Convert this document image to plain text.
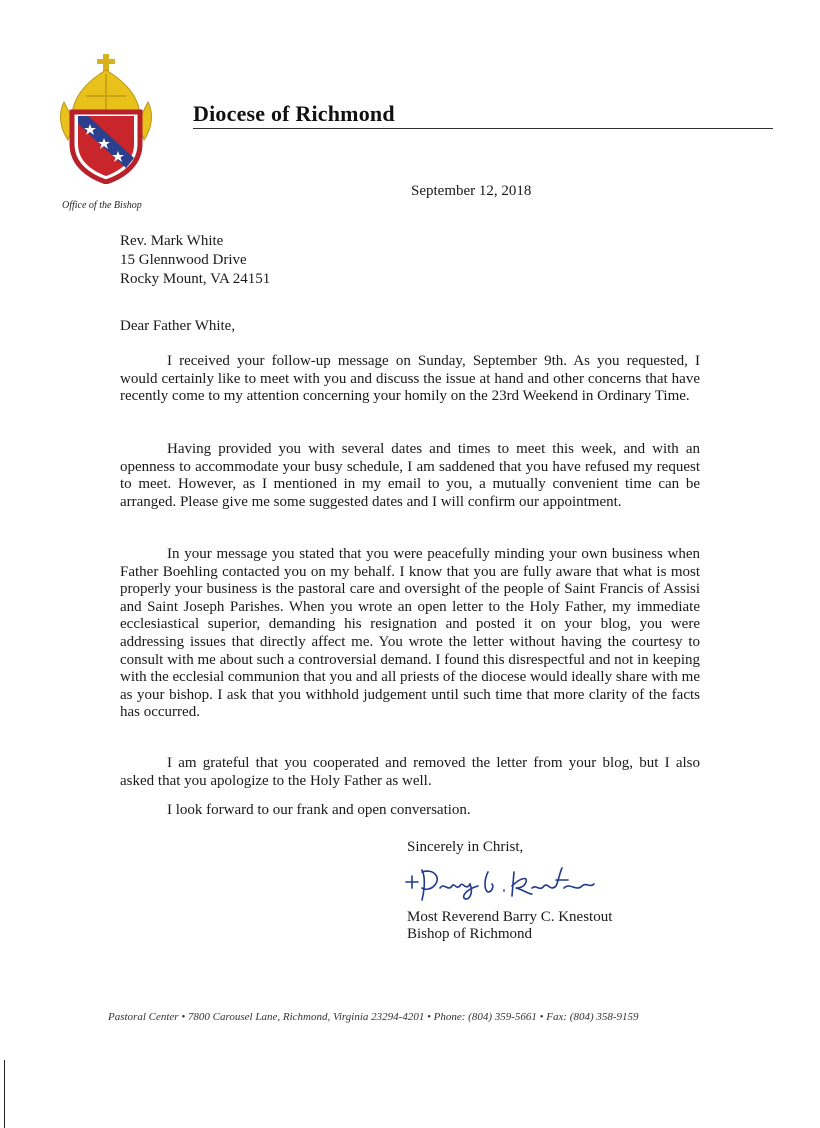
Office of the Bishop
Diocese of Richmond
September 12, 2018
Rev. Mark White
15 Glennwood Drive
Rocky Mount, VA 24151
Dear Father White,

I received your follow-up message on Sunday, September 9th. As you requested, I would certainly like to meet with you and discuss the issue at hand and other concerns that have recently come to my attention concerning your homily on the 23rd Weekend in Ordinary Time.

Having provided you with several dates and times to meet this week, and with an openness to accommodate your busy schedule, I am saddened that you have refused my request to meet. However, as I mentioned in my email to you, a mutually convenient time can be arranged. Please give me some suggested dates and I will confirm our appointment.

In your message you stated that you were peacefully minding your own business when Father Boehling contacted you on my behalf. I know that you are fully aware that what is most properly your business is the pastoral care and oversight of the people of Saint Francis of Assisi and Saint Joseph Parishes. When you wrote an open letter to the Holy Father, my immediate ecclesiastical superior, demanding his resignation and posted it on your blog, you were addressing issues that directly affect me. You wrote the letter without having the courtesy to consult with me about such a controversial demand. I found this disrespectful and not in keeping with the ecclesial communion that you and all priests of the diocese would ideally share with me as your bishop. I ask that you withhold judgement until such time that more clarity of the facts has occurred.

I am grateful that you cooperated and removed the letter from your blog, but I also asked that you apologize to the Holy Father as well.

I look forward to our frank and open conversation.

Sincerely in Christ,
Most Reverend Barry C. Knestout
Bishop of Richmond
Pastoral Center • 7800 Carousel Lane, Richmond, Virginia 23294-4201 • Phone: (804) 359-5661 • Fax: (804) 358-9159
